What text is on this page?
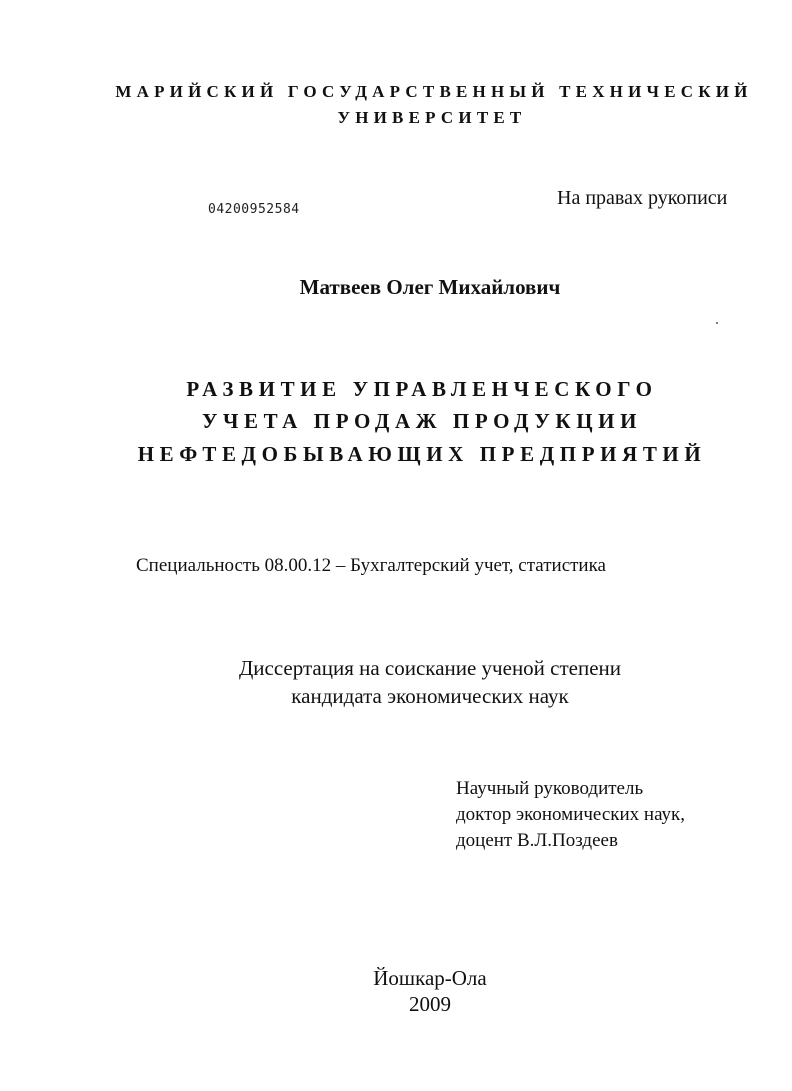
МАРИЙСКИЙ ГОСУДАРСТВЕННЫЙ ТЕХНИЧЕСКИЙ
УНИВЕРСИТЕТ
04200952584
На правах рукописи
Матвеев Олег Михайлович
РАЗВИТИЕ УПРАВЛЕНЧЕСКОГО
УЧЕТА ПРОДАЖ ПРОДУКЦИИ
НЕФТЕДОБЫВАЮЩИХ ПРЕДПРИЯТИЙ
Специальность 08.00.12 – Бухгалтерский учет, статистика
Диссертация на соискание ученой степени
кандидата экономических наук
Научный руководитель
доктор экономических наук,
доцент В.Л.Поздеев
Йошкар-Ола
2009
